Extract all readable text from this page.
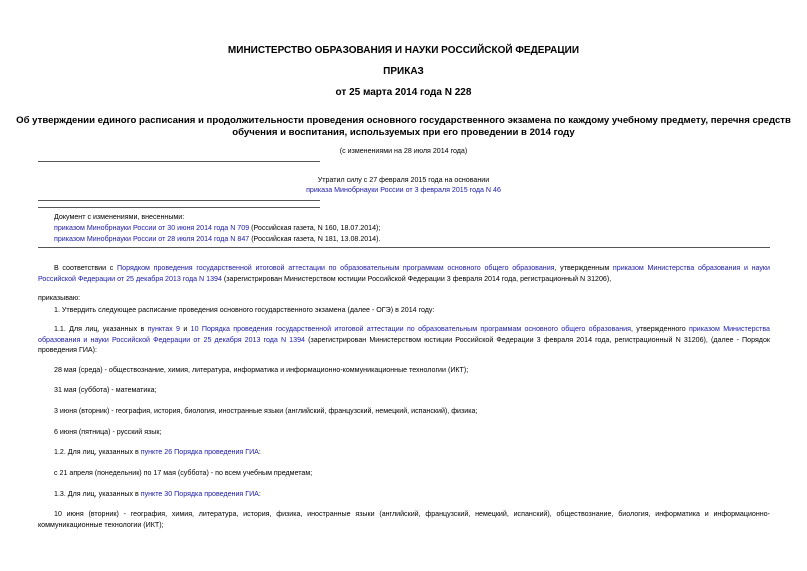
МИНИСТЕРСТВО ОБРАЗОВАНИЯ И НАУКИ РОССИЙСКОЙ ФЕДЕРАЦИИ
ПРИКАЗ
от 25 марта 2014 года N 228
Об утверждении единого расписания и продолжительности проведения основного государственного экзамена по каждому учебному предмету, перечня средств
обучения и воспитания, используемых при его проведении в 2014 году
(с изменениями на 28 июля 2014 года)
Утратил силу с 27 февраля 2015 года на основании
приказа Минобрнауки России от 3 февраля 2015 года N 46
Документ с изменениями, внесенными:
приказом Минобрнауки России от 30 июня 2014 года N 709 (Российская газета, N 160, 18.07.2014);
приказом Минобрнауки России от 28 июля 2014 года N 847 (Российская газета, N 181, 13.08.2014).
В соответствии с Порядком проведения государственной итоговой аттестации по образовательным программам основного общего образования, утвержденным приказом Министерства образования и науки Российской Федерации от 25 декабря 2013 года N 1394 (зарегистрирован Министерством юстиции Российской Федерации 3 февраля 2014 года, регистрационный N 31206),
приказываю:
1. Утвердить следующее расписание проведения основного государственного экзамена (далее - ОГЭ) в 2014 году:
1.1. Для лиц, указанных в пунктах 9 и 10 Порядка проведения государственной итоговой аттестации по образовательным программам основного общего образования, утвержденного приказом Министерства образования и науки Российской Федерации от 25 декабря 2013 года N 1394 (зарегистрирован Министерством юстиции Российской Федерации 3 февраля 2014 года, регистрационный N 31206), (далее - Порядок проведения ГИА):
28 мая (среда) - обществознание, химия, литература, информатика и информационно-коммуникационные технологии (ИКТ);
31 мая (суббота) - математика;
3 июня (вторник) - география, история, биология, иностранные языки (английский, французский, немецкий, испанский), физика;
6 июня (пятница) - русский язык;
1.2. Для лиц, указанных в пункте 26 Порядка проведения ГИА:
с 21 апреля (понедельник) по 17 мая (суббота) - по всем учебным предметам;
1.3. Для лиц, указанных в пункте 30 Порядка проведения ГИА:
10 июня (вторник) - география, химия, литература, история, физика, иностранные языки (английский, французский, немецкий, испанский), обществознание, биология, информатика и информационно-коммуникационные технологии (ИКТ);
